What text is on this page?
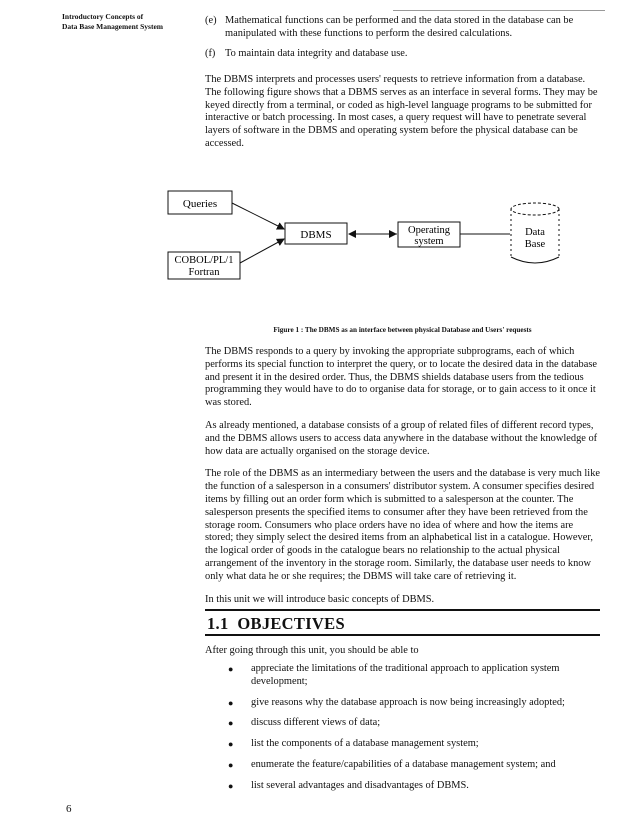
Introductory Concepts of
Data Base Management System
(e) Mathematical functions can be performed and the data stored in the database can be manipulated with these functions to perform the desired calculations.
(f) To maintain data integrity and database use.

The DBMS interprets and processes users' requests to retrieve information from a database. The following figure shows that a DBMS serves as an interface in several forms. They may be keyed directly from a terminal, or coded as high-level language programs to be submitted for interactive or batch processing. In most cases, a query request will have to penetrate several layers of software in the DBMS and operating system before the physical database can be accessed.

Queries
COBOL/PL/1
Fortran
DBMS	Operating
system
Data
Base
Figure 1 : The DBMS as an interface between physical Database and Users' requests

The DBMS responds to a query by invoking the appropriate subprograms, each of which performs its special function to interpret the query, or to locate the desired data in the database and present it in the desired order. Thus, the DBMS shields database users from the tedious programming they would have to do to organise data for storage, or to gain access to it once it was stored.

As already mentioned, a database consists of a group of related files of different record types, and the DBMS allows users to access data anywhere in the database without the knowledge of how data are actually organised on the storage device.

The role of the DBMS as an intermediary between the users and the database is very much like the function of a salesperson in a consumers' distributor system. A consumer specifies desired items by filling out an order form which is submitted to a salesperson at the counter. The salesperson presents the specified items to consumer after they have been retrieved from the storage room. Consumers who place orders have no idea of where and how the items are stored; they simply select the desired items from an alphabetical list in a catalogue. However, the logical order of goods in the catalogue bears no relationship to the actual physical arrangement of the inventory in the storage room. Similarly, the database user needs to know only what data he or she requires; the DBMS will take care of retrieving it.

In this unit we will introduce basic concepts of DBMS.

1.1 OBJECTIVES
After going through this unit, you should be able to
●	appreciate the limitations of the traditional approach to application system development;
●	give reasons why the database approach is now being increasingly adopted;
●	discuss different views of data;
●	list the components of a database management system;
●	enumerate the feature/capabilities of a database management system; and
●	list several advantages and disadvantages of DBMS.
6
